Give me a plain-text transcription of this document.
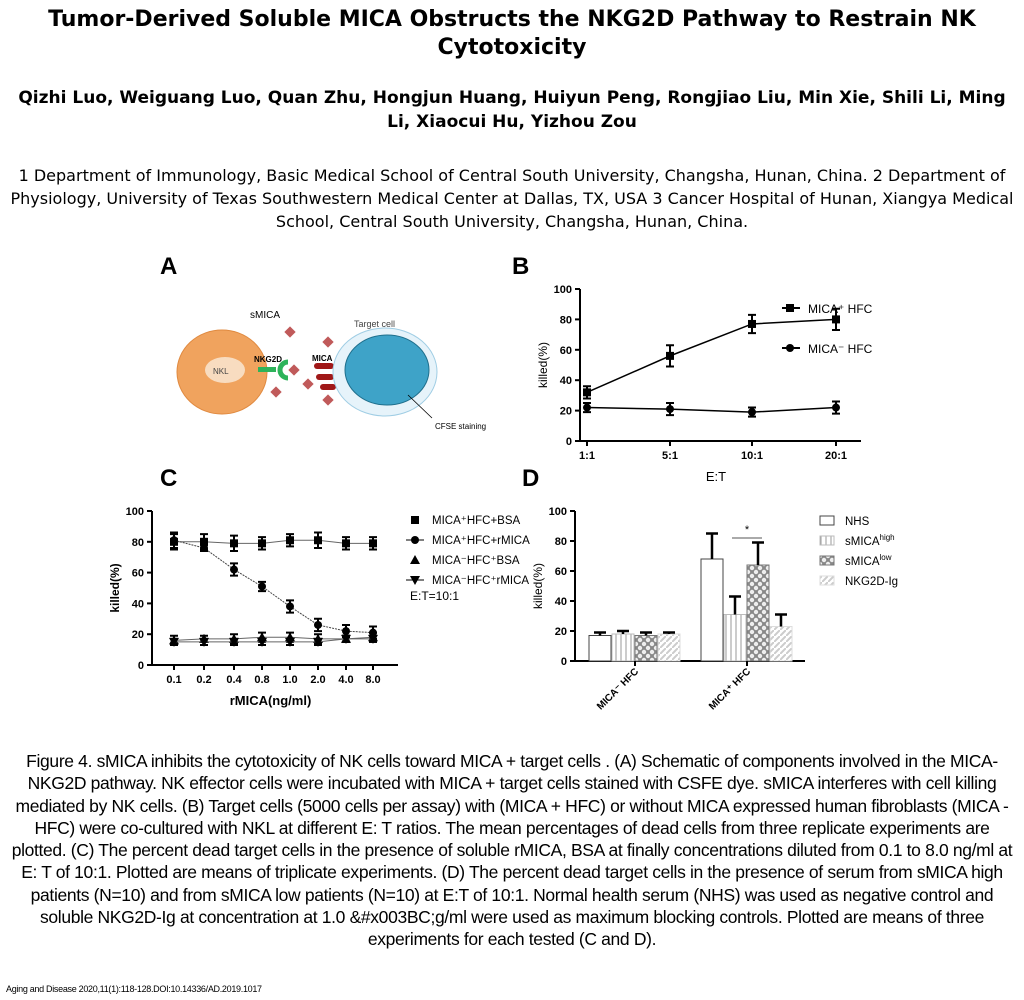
Tumor-Derived Soluble MICA Obstructs the NKG2D Pathway to Restrain NK Cytotoxicity
Qizhi Luo, Weiguang Luo, Quan Zhu, Hongjun Huang, Huiyun Peng, Rongjiao Liu, Min Xie, Shili Li, Ming Li, Xiaocui Hu, Yizhou Zou
1 Department of Immunology, Basic Medical School of Central South University, Changsha, Hunan, China. 2 Department of Physiology, University of Texas Southwestern Medical Center at Dallas, TX, USA 3 Cancer Hospital of Hunan, Xiangya Medical School, Central South University, Changsha, Hunan, China.
A
NKL
NKG2D
sMICA
MICA
Target cell
CFSE staining
B
C	D
0
20
40
60
80
100
killed(%)
1:1	5:1	10:1	20:1
E:T
MICA⁺ HFC
MICA⁻ HFC
0
20
40
60
80
100
killed(%)
0.1 0.2 0.4 0.8 1.0 2.0 4.0 8.0
rMICA(ng/ml)
MICA⁺HFC+BSA
MICA⁺HFC+rMICA
MICA⁻HFC⁺BSA
MICA⁻HFC⁺rMICA
E:T=10:1
0
20
40
60
80
100
killed(%)
MICA⁻ HFC	MICA⁺ HFC
*
NHS
sMICA$^{high}$
sMICA$^{low}$
NKG2D-Ig
Figure 4. sMICA inhibits the cytotoxicity of NK cells toward MICA + target cells . (A) Schematic of components involved in the MICA-NKG2D pathway. NK effector cells were incubated with MICA + target cells stained with CSFE dye. sMICA interferes with cell killing mediated by NK cells. (B) Target cells (5000 cells per assay) with (MICA + HFC) or without MICA expressed human fibroblasts (MICA - HFC) were co-cultured with NKL at different E: T ratios. The mean percentages of dead cells from three replicate experiments are plotted. (C) The percent dead target cells in the presence of soluble rMICA, BSA at finally concentrations diluted from 0.1 to 8.0 ng/ml at E: T of 10:1. Plotted are means of triplicate experiments. (D) The percent dead target cells in the presence of serum from sMICA high patients (N=10) and from sMICA low patients (N=10) at E:T of 10:1. Normal health serum (NHS) was used as negative control and soluble NKG2D-Ig at concentration at 1.0 &#x003BC;g/ml were used as maximum blocking controls. Plotted are means of three experiments for each tested (C and D).
Aging and Disease 2020,11(1):118-128.DOI:10.14336/AD.2019.1017
